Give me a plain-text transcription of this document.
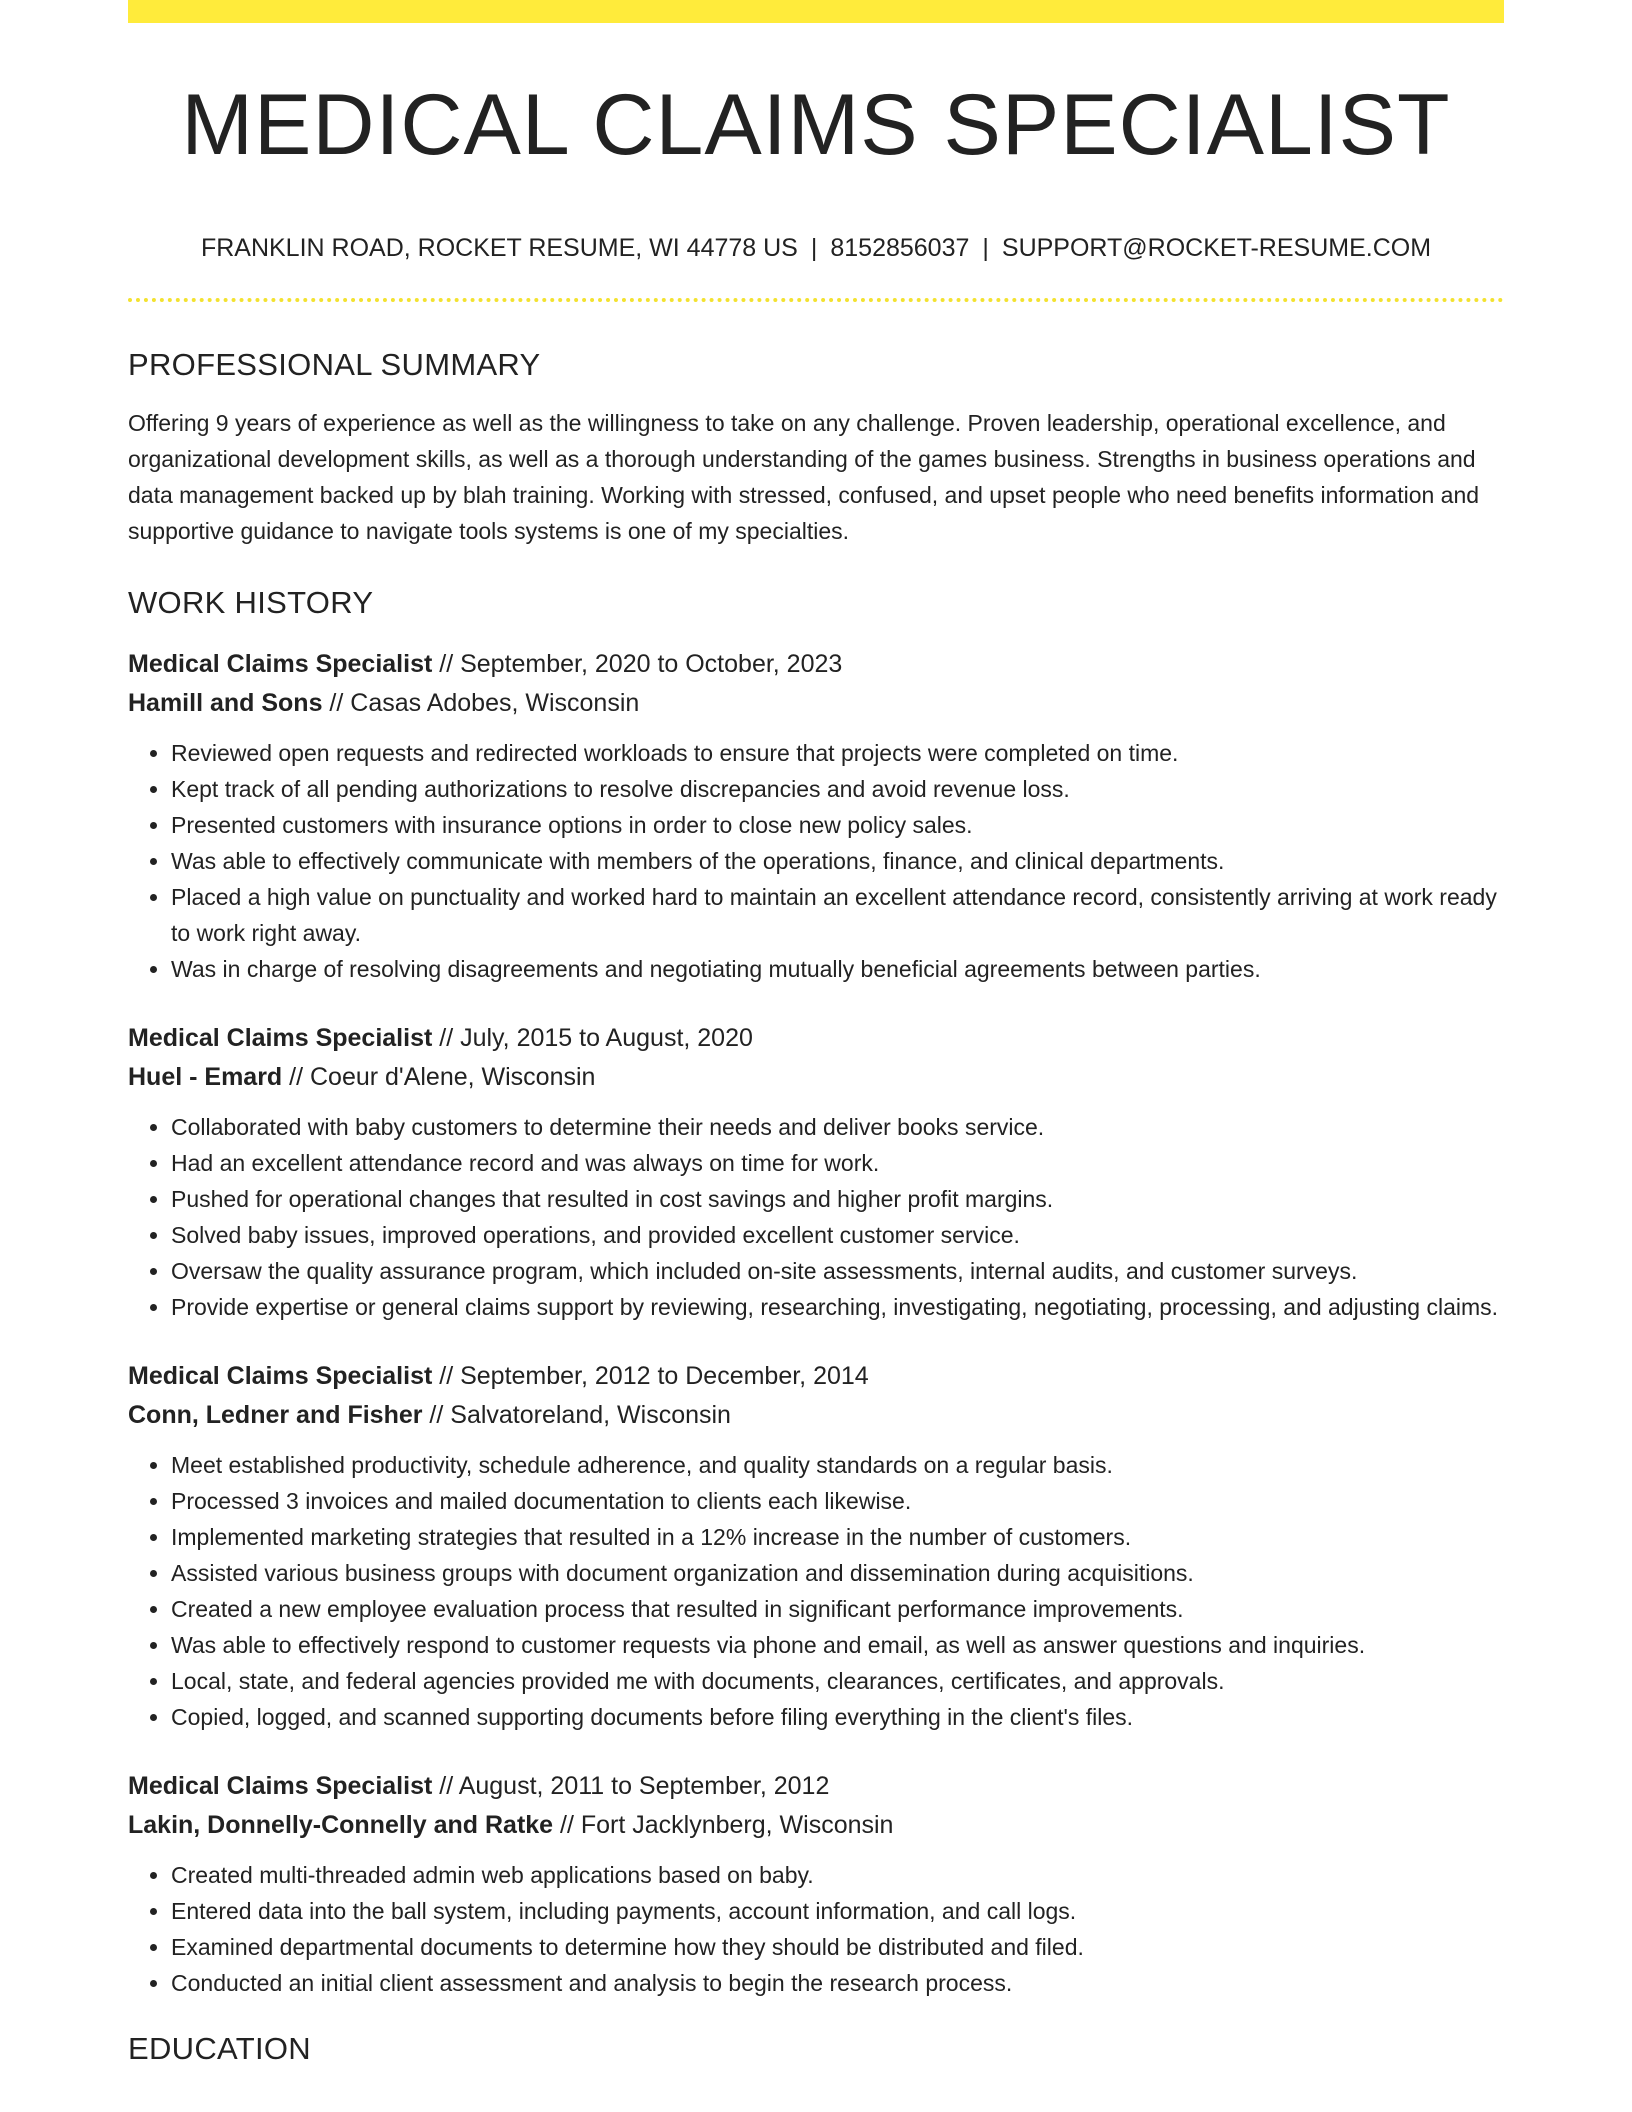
MEDICAL CLAIMS SPECIALIST
FRANKLIN ROAD, ROCKET RESUME, WI 44778 US | 8152856037 | SUPPORT@ROCKET-RESUME.COM
PROFESSIONAL SUMMARY

Offering 9 years of experience as well as the willingness to take on any challenge. Proven leadership, operational excellence, and organizational development skills, as well as a thorough understanding of the games business. Strengths in business operations and data management backed up by blah training. Working with stressed, confused, and upset people who need benefits information and supportive guidance to navigate tools systems is one of my specialties.

WORK HISTORY
Medical Claims Specialist // September, 2020 to October, 2023
Hamill and Sons // Casas Adobes, Wisconsin
• Reviewed open requests and redirected workloads to ensure that projects were completed on time.
• Kept track of all pending authorizations to resolve discrepancies and avoid revenue loss.
• Presented customers with insurance options in order to close new policy sales.
• Was able to effectively communicate with members of the operations, finance, and clinical departments.
• Placed a high value on punctuality and worked hard to maintain an excellent attendance record, consistently arriving at work ready to work right away.
• Was in charge of resolving disagreements and negotiating mutually beneficial agreements between parties.
Medical Claims Specialist // July, 2015 to August, 2020
Huel - Emard // Coeur d'Alene, Wisconsin
• Collaborated with baby customers to determine their needs and deliver books service.
• Had an excellent attendance record and was always on time for work.
• Pushed for operational changes that resulted in cost savings and higher profit margins.
• Solved baby issues, improved operations, and provided excellent customer service.
• Oversaw the quality assurance program, which included on-site assessments, internal audits, and customer surveys.
• Provide expertise or general claims support by reviewing, researching, investigating, negotiating, processing, and adjusting claims.
Medical Claims Specialist // September, 2012 to December, 2014
Conn, Ledner and Fisher // Salvatoreland, Wisconsin
• Meet established productivity, schedule adherence, and quality standards on a regular basis.
• Processed 3 invoices and mailed documentation to clients each likewise.
• Implemented marketing strategies that resulted in a 12% increase in the number of customers.
• Assisted various business groups with document organization and dissemination during acquisitions.
• Created a new employee evaluation process that resulted in significant performance improvements.
• Was able to effectively respond to customer requests via phone and email, as well as answer questions and inquiries.
• Local, state, and federal agencies provided me with documents, clearances, certificates, and approvals.
• Copied, logged, and scanned supporting documents before filing everything in the client's files.
Medical Claims Specialist // August, 2011 to September, 2012
Lakin, Donnelly-Connelly and Ratke // Fort Jacklynberg, Wisconsin
• Created multi-threaded admin web applications based on baby.
• Entered data into the ball system, including payments, account information, and call logs.
• Examined departmental documents to determine how they should be distributed and filed.
• Conducted an initial client assessment and analysis to begin the research process.
EDUCATION
